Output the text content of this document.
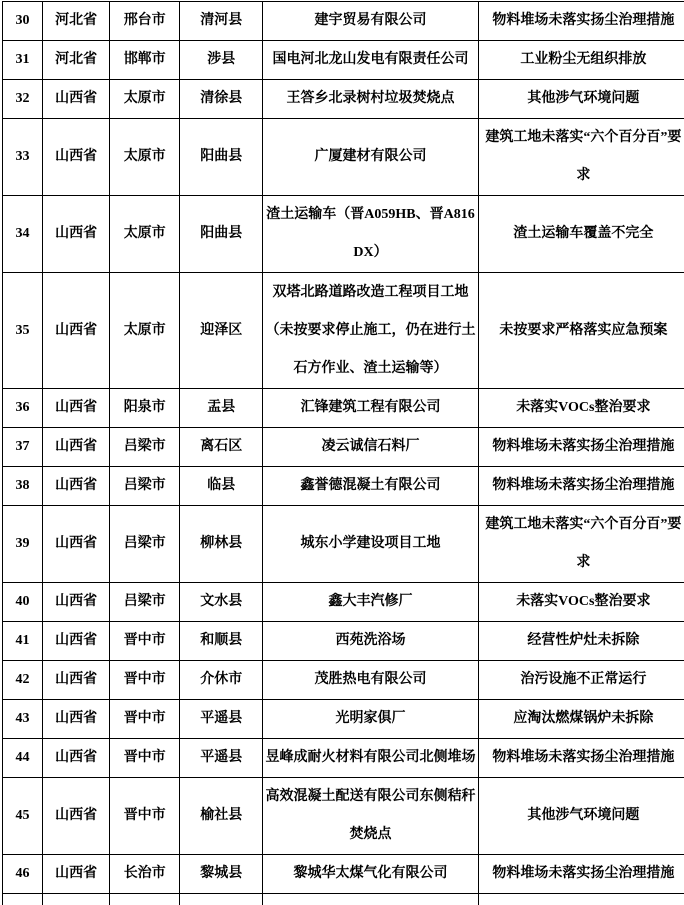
30	河北省	邢台市	清河县	建宇贸易有限公司	物料堆场未落实扬尘治理措施
31	河北省	邯郸市	涉县	国电河北龙山发电有限责任公司	工业粉尘无组织排放
32	山西省	太原市	清徐县	王答乡北录树村垃圾焚烧点	其他涉气环境问题
33	山西省	太原市	阳曲县	广厦建材有限公司	建筑工地未落实“六个百分百”要求
34	山西省	太原市	阳曲县	渣土运输车（晋A059HB、晋A816DX）	渣土运输车覆盖不完全
35	山西省	太原市	迎泽区	双塔北路道路改造工程项目工地（未按要求停止施工，仍在进行土石方作业、渣土运输等）	未按要求严格落实应急预案
36	山西省	阳泉市	盂县	汇锋建筑工程有限公司	未落实VOCs整治要求
37	山西省	吕梁市	离石区	凌云诚信石料厂	物料堆场未落实扬尘治理措施
38	山西省	吕梁市	临县	鑫誉德混凝土有限公司	物料堆场未落实扬尘治理措施
39	山西省	吕梁市	柳林县	城东小学建设项目工地	建筑工地未落实“六个百分百”要求
40	山西省	吕梁市	文水县	鑫大丰汽修厂	未落实VOCs整治要求
41	山西省	晋中市	和顺县	西苑洗浴场	经营性炉灶未拆除
42	山西省	晋中市	介休市	茂胜热电有限公司	治污设施不正常运行
43	山西省	晋中市	平遥县	光明家俱厂	应淘汰燃煤锅炉未拆除
44	山西省	晋中市	平遥县	昱峰成耐火材料有限公司北侧堆场	物料堆场未落实扬尘治理措施
45	山西省	晋中市	榆社县	高效混凝土配送有限公司东侧秸秆焚烧点	其他涉气环境问题
46	山西省	长治市	黎城县	黎城华太煤气化有限公司	物料堆场未落实扬尘治理措施
